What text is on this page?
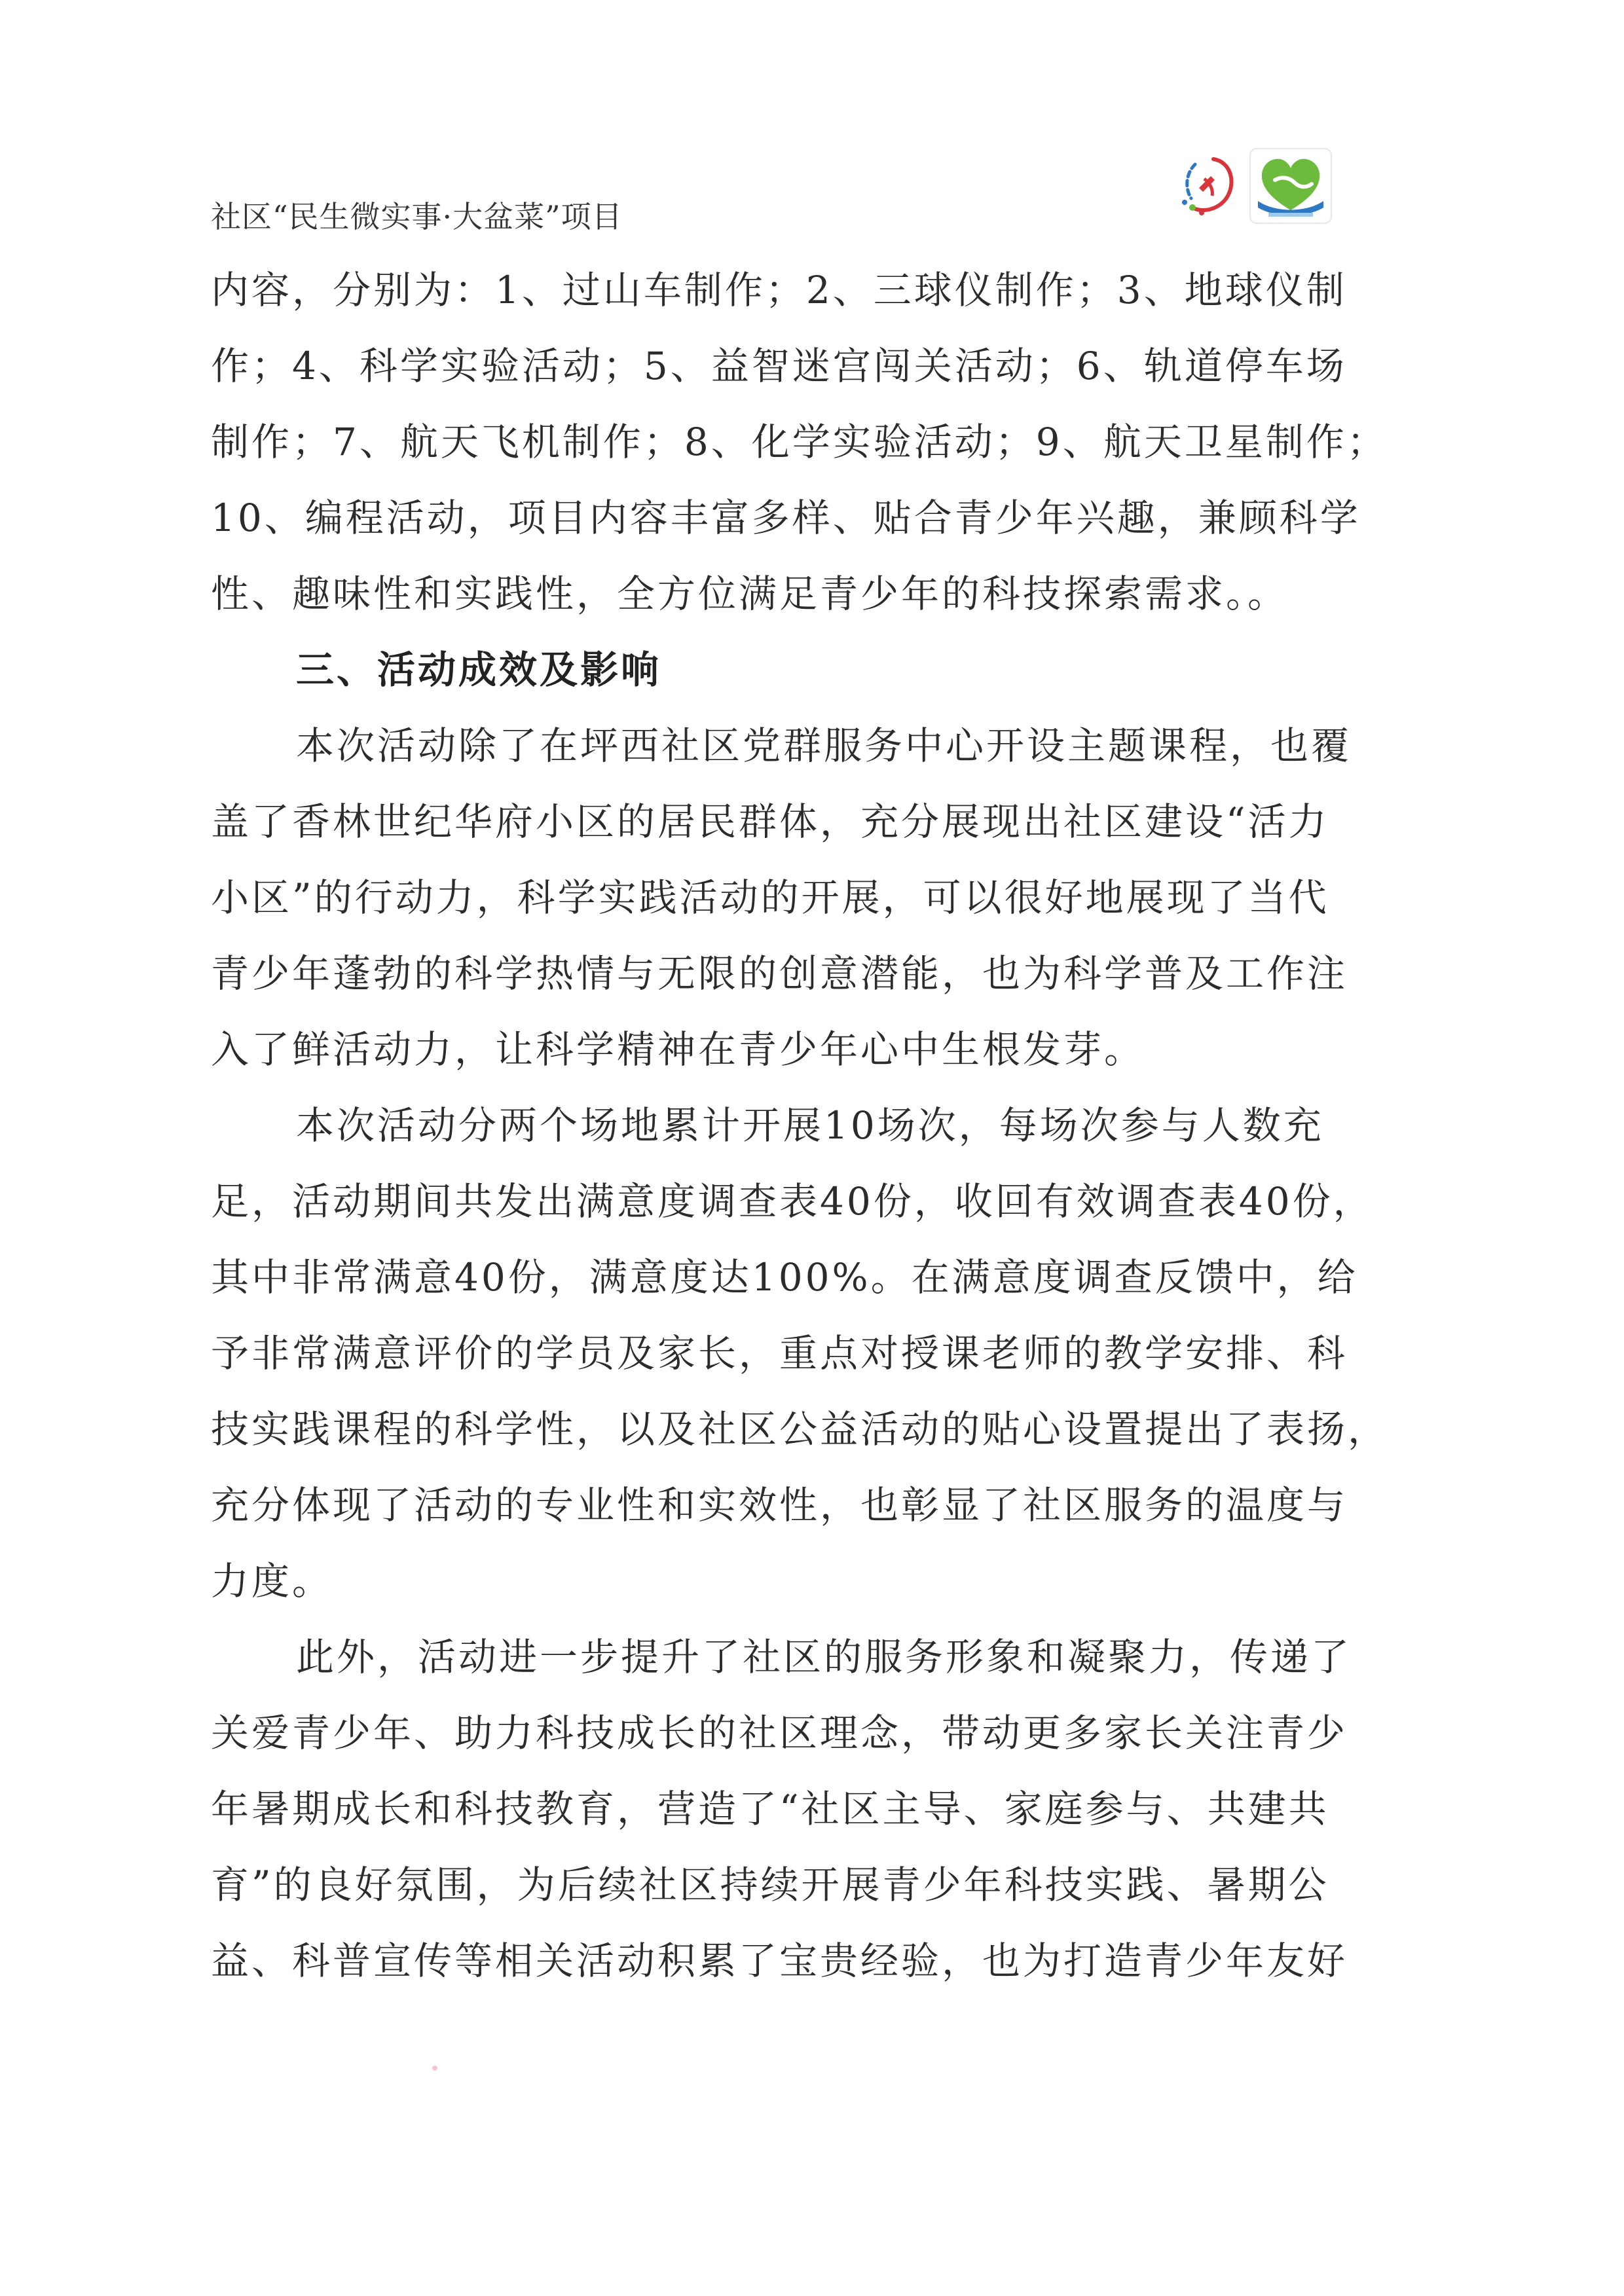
社区“民生微实事·大盆菜”项目
内容，分别为：1、过山车制作；2、三球仪制作；3、地球仪制
作；4、科学实验活动；5、益智迷宫闯关活动；6、轨道停车场
制作；7、航天飞机制作；8、化学实验活动；9、航天卫星制作；
10、编程活动，项目内容丰富多样、贴合青少年兴趣，兼顾科学
性、趣味性和实践性，全方位满足青少年的科技探索需求。。
三、活动成效及影响
本次活动除了在坪西社区党群服务中心开设主题课程，也覆
盖了香林世纪华府小区的居民群体，充分展现出社区建设“活力
小区”的行动力，科学实践活动的开展，可以很好地展现了当代
青少年蓬勃的科学热情与无限的创意潜能，也为科学普及工作注
入了鲜活动力，让科学精神在青少年心中生根发芽。
本次活动分两个场地累计开展10场次，每场次参与人数充
足，活动期间共发出满意度调查表40份，收回有效调查表40份，
其中非常满意40份，满意度达100%。在满意度调查反馈中，给
予非常满意评价的学员及家长，重点对授课老师的教学安排、科
技实践课程的科学性，以及社区公益活动的贴心设置提出了表扬，
充分体现了活动的专业性和实效性，也彰显了社区服务的温度与
力度。
此外，活动进一步提升了社区的服务形象和凝聚力，传递了
关爱青少年、助力科技成长的社区理念，带动更多家长关注青少
年暑期成长和科技教育，营造了“社区主导、家庭参与、共建共
育”的良好氛围，为后续社区持续开展青少年科技实践、暑期公
益、科普宣传等相关活动积累了宝贵经验，也为打造青少年友好
